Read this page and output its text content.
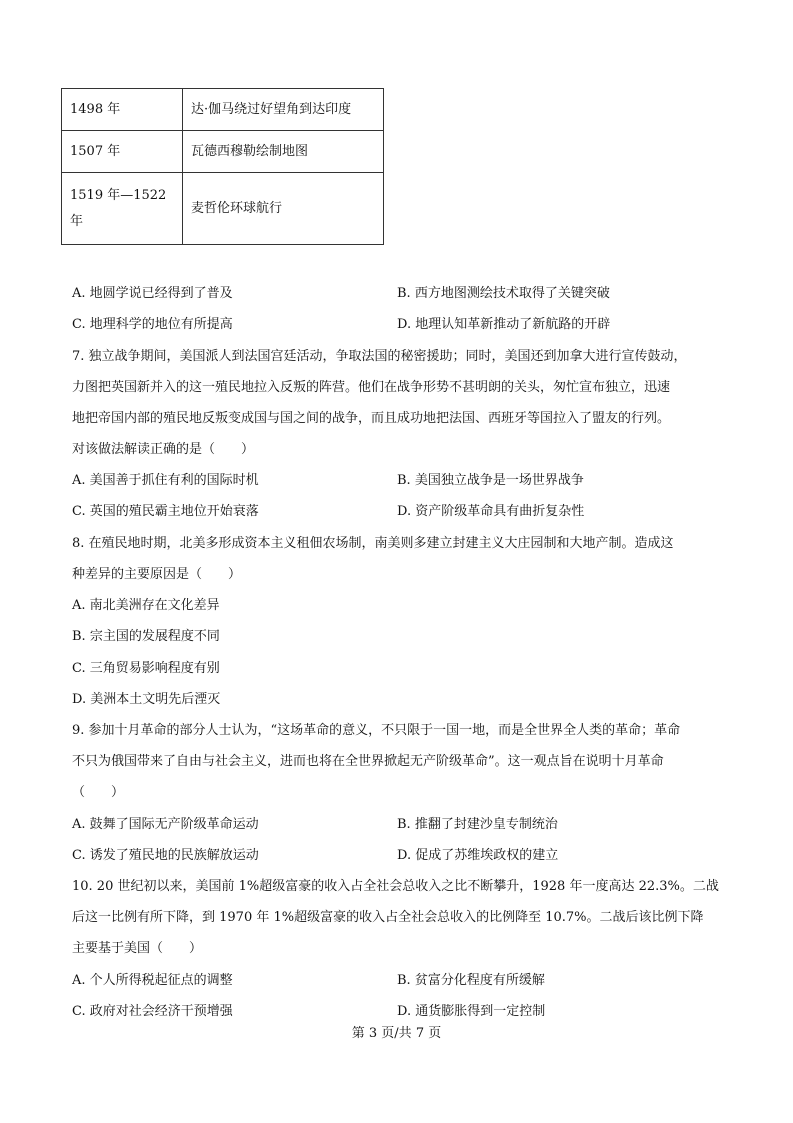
1498 年	达·伽马绕过好望角到达印度
1507 年	瓦德西穆勒绘制地图
1519 年—1522
年	麦哲伦环球航行
A. 地圆学说已经得到了普及	B. 西方地图测绘技术取得了关键突破
C. 地理科学的地位有所提高	D. 地理认知革新推动了新航路的开辟
7. 独立战争期间，美国派人到法国宫廷活动，争取法国的秘密援助；同时，美国还到加拿大进行宣传鼓动，
力图把英国新并入的这一殖民地拉入反叛的阵营。他们在战争形势不甚明朗的关头，匆忙宣布独立，迅速
地把帝国内部的殖民地反叛变成国与国之间的战争，而且成功地把法国、西班牙等国拉入了盟友的行列。
对该做法解读正确的是（　　）
A. 美国善于抓住有利的国际时机	B. 美国独立战争是一场世界战争
C. 英国的殖民霸主地位开始衰落	D. 资产阶级革命具有曲折复杂性
8. 在殖民地时期，北美多形成资本主义租佃农场制，南美则多建立封建主义大庄园制和大地产制。造成这
种差异的主要原因是（　　）
A. 南北美洲存在文化差异
B. 宗主国的发展程度不同
C. 三角贸易影响程度有别
D. 美洲本土文明先后湮灭
9. 参加十月革命的部分人士认为，“这场革命的意义，不只限于一国一地，而是全世界全人类的革命；革命
不只为俄国带来了自由与社会主义，进而也将在全世界掀起无产阶级革命”。这一观点旨在说明十月革命
（　　）
A. 鼓舞了国际无产阶级革命运动	B. 推翻了封建沙皇专制统治
C. 诱发了殖民地的民族解放运动	D. 促成了苏维埃政权的建立
10. 20 世纪初以来，美国前 1%超级富豪的收入占全社会总收入之比不断攀升，1928 年一度高达 22.3%。二战
后这一比例有所下降，到 1970 年 1%超级富豪的收入占全社会总收入的比例降至 10.7%。二战后该比例下降
主要基于美国（　　）
A. 个人所得税起征点的调整	B. 贫富分化程度有所缓解
C. 政府对社会经济干预增强	D. 通货膨胀得到一定控制
第 3 页/共 7 页
